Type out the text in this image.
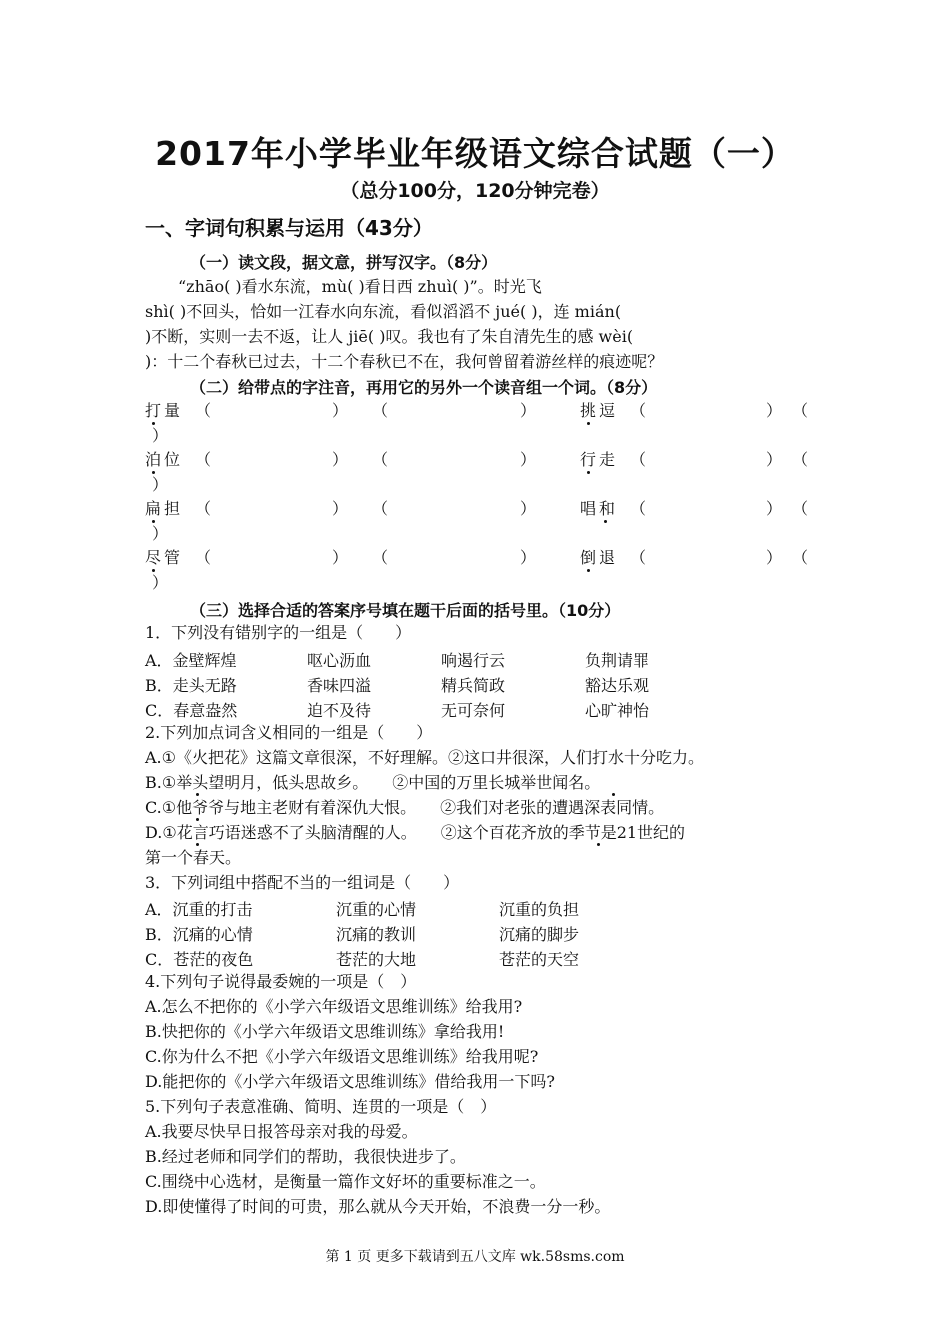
2017年小学毕业年级语文综合试题（一）
（总分100分，120分钟完卷）
一、字词句积累与运用（43分）
（一）读文段，据文意，拼写汉字。（8分）
“zhāo( )看水东流，mù( )看日西 zhuì( )”。时光飞
shì( )不回头，恰如一江春水向东流，看似滔滔不 jué( )，连 mián(
)不断，实则一去不返，让人 jiē( )叹。我也有了朱自清先生的感 wèi(
)：十二个春秋已过去，十二个春秋已不在，我何曾留着游丝样的痕迹呢？
（二）给带点的字注音，再用它的另外一个读音组一个词。（8分）
打量 （	） （	）	挑逗 （	） （
）
泊位 （	） （	）	行走 （	） （
）
扁担 （	） （	）	唱和 （	） （
）
尽管 （	） （	）	倒退 （	） （
）
（三）选择合适的答案序号填在题干后面的括号里。（10分）
1．下列没有错别字的一组是（　　）
A．金壁辉煌	呕心沥血	响遏行云	负荆请罪
B．走头无路	香味四溢	精兵简政	豁达乐观
C．春意盎然	迫不及待	无可奈何	心旷神怡
2.下列加点词含义相同的一组是（　　）
A.①《火把花》这篇文章很深，不好理解。②这口井很深，人们打水十分吃力。
B.①举头望明月，低头思故乡。　　②中国的万里长城举世闻名。
C.①他爷爷与地主老财有着深仇大恨。　　②我们对老张的遭遇深表同情。
D.①花言巧语迷惑不了头脑清醒的人。　　②这个百花齐放的季节是21世纪的
第一个春天。
3．下列词组中搭配不当的一组词是（　　）
A．沉重的打击	沉重的心情	沉重的负担
B．沉痛的心情	沉痛的教训	沉痛的脚步
C．苍茫的夜色	苍茫的大地	苍茫的天空
4.下列句子说得最委婉的一项是（　）
A.怎么不把你的《小学六年级语文思维训练》给我用?
B.快把你的《小学六年级语文思维训练》拿给我用!
C.你为什么不把《小学六年级语文思维训练》给我用呢?
D.能把你的《小学六年级语文思维训练》借给我用一下吗?
5.下列句子表意准确、简明、连贯的一项是（　）
A.我要尽快早日报答母亲对我的母爱。
B.经过老师和同学们的帮助，我很快进步了。
C.围绕中心选材，是衡量一篇作文好坏的重要标准之一。
D.即使懂得了时间的可贵，那么就从今天开始，不浪费一分一秒。
第 1 页 更多下载请到五八文库 wk.58sms.com
